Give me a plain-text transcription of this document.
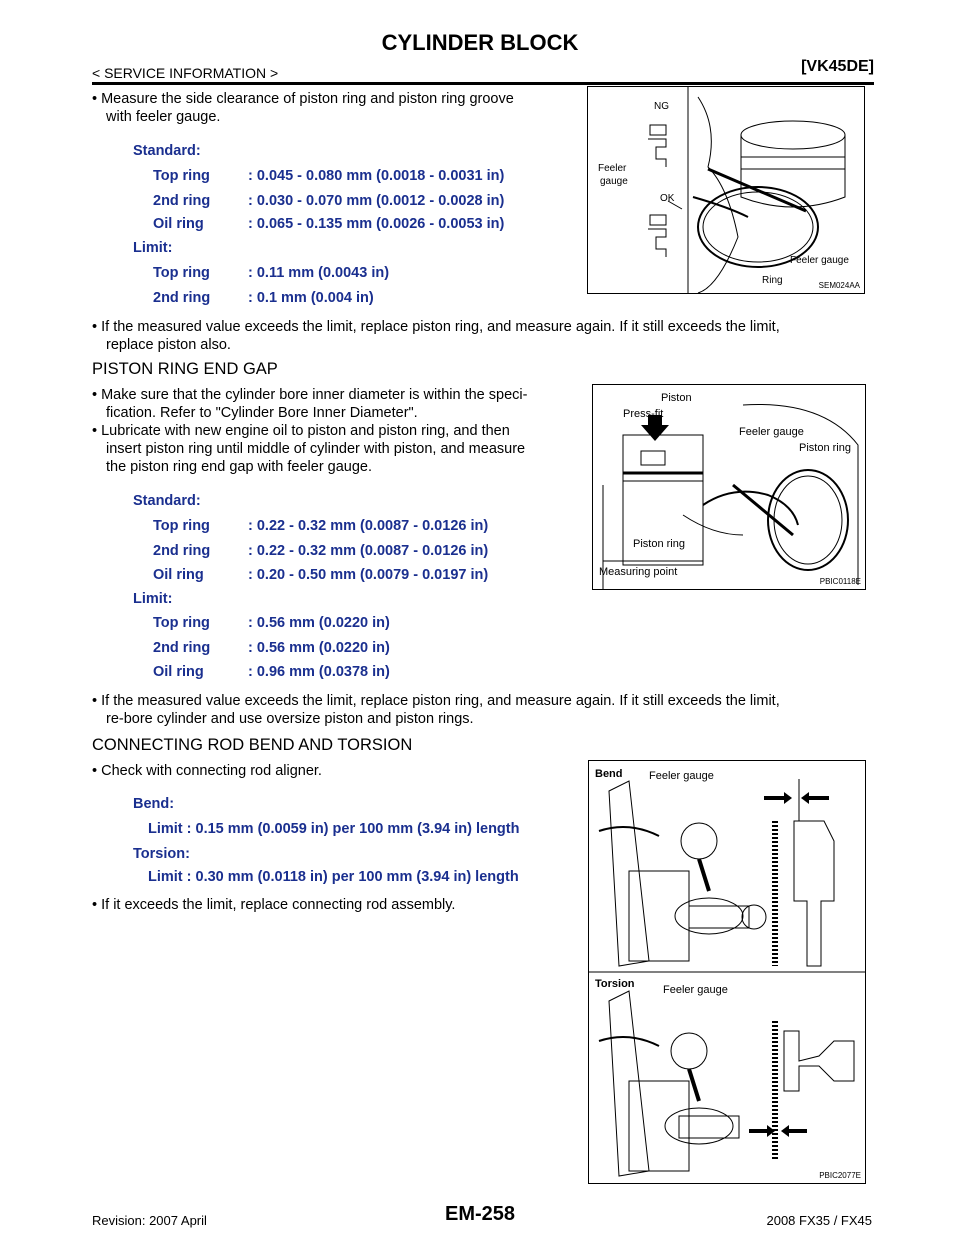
CYLINDER BLOCK
< SERVICE INFORMATION >	[VK45DE]
• Measure the side clearance of piston ring and piston ring groove
with feeler gauge.
Standard:
Top ring	: 0.045 - 0.080 mm (0.0018 - 0.0031 in)
2nd ring	: 0.030 - 0.070 mm (0.0012 - 0.0028 in)
Oil ring	: 0.065 - 0.135 mm (0.0026 - 0.0053 in)
Limit:
Top ring	: 0.11 mm (0.0043 in)
2nd ring	: 0.1 mm (0.004 in)
• If the measured value exceeds the limit, replace piston ring, and measure again. If it still exceeds the limit,
replace piston also.
NG
OK
Feeler
gauge
Feeler gauge
Ring	SEM024AA
PISTON RING END GAP
• Make sure that the cylinder bore inner diameter is within the speci-
fication. Refer to "Cylinder Bore Inner Diameter".
• Lubricate with new engine oil to piston and piston ring, and then
insert piston ring until middle of cylinder with piston, and measure
the piston ring end gap with feeler gauge.
Standard:
Top ring	: 0.22 - 0.32 mm (0.0087 - 0.0126 in)
2nd ring	: 0.22 - 0.32 mm (0.0087 - 0.0126 in)
Oil ring	: 0.20 - 0.50 mm (0.0079 - 0.0197 in)
Limit:
Top ring	: 0.56 mm (0.0220 in)
2nd ring	: 0.56 mm (0.0220 in)
Oil ring	: 0.96 mm (0.0378 in)
• If the measured value exceeds the limit, replace piston ring, and measure again. If it still exceeds the limit,
re-bore cylinder and use oversize piston and piston rings.
Piston
Press-fit
Feeler gauge
Piston ring
Piston ring
Measuring point
PBIC0118E
CONNECTING ROD BEND AND TORSION
• Check with connecting rod aligner.
Bend:
Limit : 0.15 mm (0.0059 in) per 100 mm (3.94 in) length
Torsion:
Limit : 0.30 mm (0.0118 in) per 100 mm (3.94 in) length
• If it exceeds the limit, replace connecting rod assembly.
Bend Feeler gauge
Torsion	Feeler gauge
PBIC2077E
Revision: 2007 April	EM-258	2008 FX35 / FX45
